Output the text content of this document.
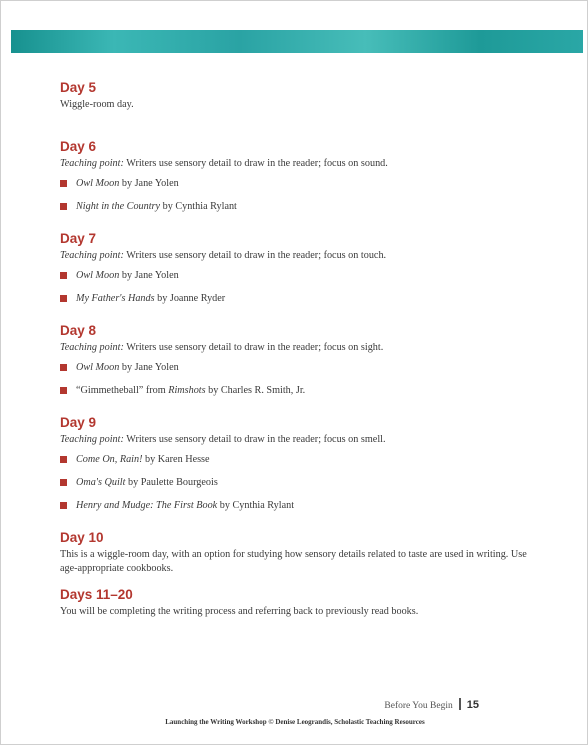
Day 5

Wiggle-room day.

Day 6

Teaching point: Writers use sensory detail to draw in the reader; focus on sound.

Owl Moon by Jane Yolen
Night in the Country by Cynthia Rylant
Day 7

Teaching point: Writers use sensory detail to draw in the reader; focus on touch.

Owl Moon by Jane Yolen
My Father's Hands by Joanne Ryder
Day 8

Teaching point: Writers use sensory detail to draw in the reader; focus on sight.

Owl Moon by Jane Yolen
“Gimmetheball” from Rimshots by Charles R. Smith, Jr.
Day 9

Teaching point: Writers use sensory detail to draw in the reader; focus on smell.

Come On, Rain! by Karen Hesse
Oma's Quilt by Paulette Bourgeois
Henry and Mudge: The First Book by Cynthia Rylant
Day 10

This is a wiggle-room day, with an option for studying how sensory details related to taste are used in writing. Use age-appropriate cookbooks.

Days 11–20

You will be completing the writing process and referring back to previously read books.

Before You Begin 15
Launching the Writing Workshop © Denise Leograndis, Scholastic Teaching Resources
